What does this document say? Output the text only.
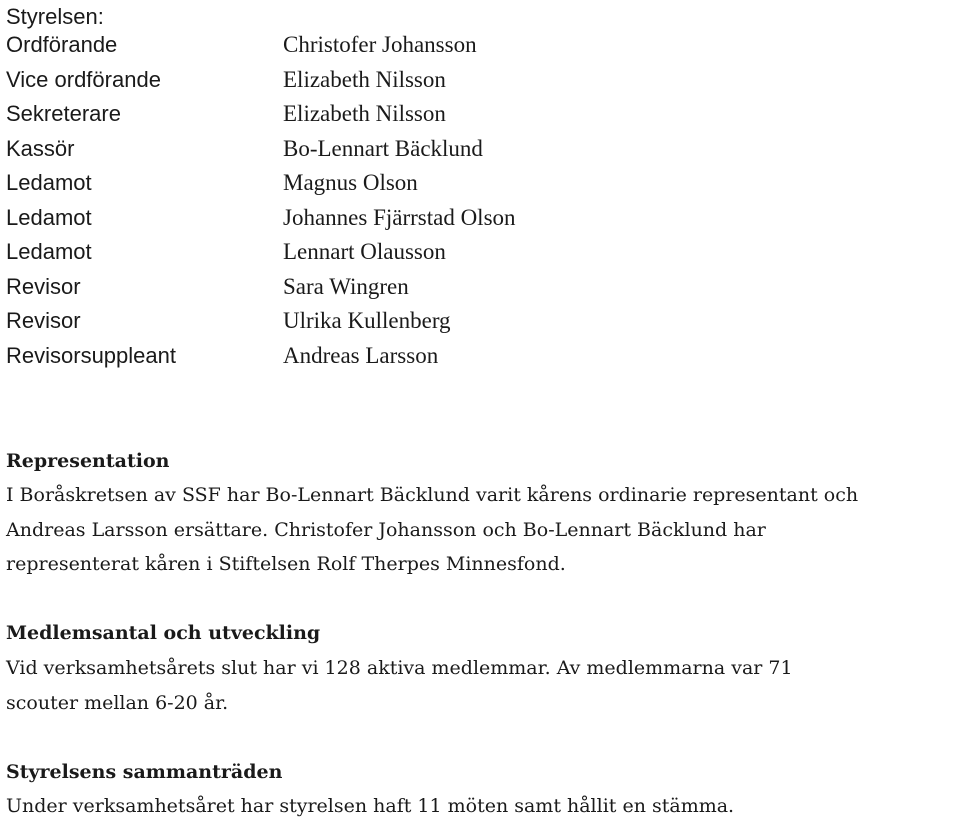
Styrelsen:
Ordförande	Christofer Johansson
Vice ordförande	Elizabeth Nilsson
Sekreterare	Elizabeth Nilsson
Kassör	Bo-Lennart Bäcklund
Ledamot	Magnus Olson
Ledamot	Johannes Fjärrstad Olson
Ledamot	Lennart Olausson
Revisor	Sara Wingren
Revisor	Ulrika Kullenberg
Revisorsuppleant	Andreas Larsson
Representation
I Boråskretsen av SSF har Bo-Lennart Bäcklund varit kårens ordinarie representant och
Andreas Larsson ersättare. Christofer Johansson och Bo-Lennart Bäcklund har
representerat kåren i Stiftelsen Rolf Therpes Minnesfond.
Medlemsantal och utveckling
Vid verksamhetsårets slut har vi 128 aktiva medlemmar. Av medlemmarna var 71
scouter mellan 6-20 år.
Styrelsens sammanträden
Under verksamhetsåret har styrelsen haft 11 möten samt hållit en stämma.
